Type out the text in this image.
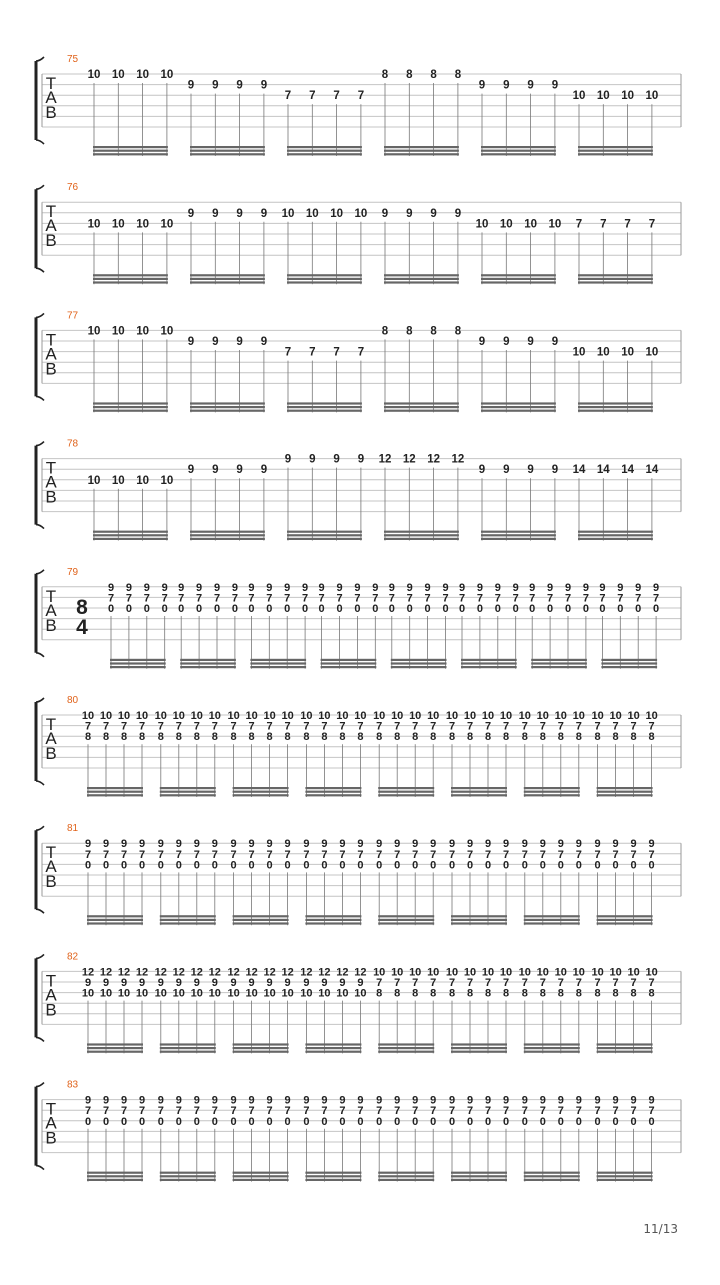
75
T
A
B
10 10 10 10
9 9 9 9
7 7 7 7
8 8 8 8
9 9 9 9
10 10 10 10
76
T
A
B
10 10 10 10
9 9 9 9 10 10 10 10 9 9 9 9
10 10 10 10 7 7 7 7
77
T
A
B
10 10 10 10
9 9 9 9
7 7 7 7
8 8 8 8
9 9 9 9
10 10 10 10
78
T
A
B
10 10 10 10
9 9 9 9
9 9 9 9 12 12 12 12
9 9 9 9 14 14 14 14
79
T
A
B
8
4
9
7
0
9
7
0
9
7
0
9
7
0
9
7
0
9
7
0
9
7
0
9
7
0
9
7
0
9
7
0
9
7
0
9
7
0
9
7
0
9
7
0
9
7
0
9
7
0
9
7
0
9
7
0
9
7
0
9
7
0
9
7
0
9
7
0
9
7
0
9
7
0
9
7
0
9
7
0
9
7
0
9
7
0
9
7
0
9
7
0
9
7
0
9
7
0
80
T
A
B
10
7
8
10
7
8
10
7
8
10
7
8
10
7
8
10
7
8
10
7
8
10
7
8
10
7
8
10
7
8
10
7
8
10
7
8
10
7
8
10
7
8
10
7
8
10
7
8
10
7
8
10
7
8
10
7
8
10
7
8
10
7
8
10
7
8
10
7
8
10
7
8
10
7
8
10
7
8
10
7
8
10
7
8
10
7
8
10
7
8
10
7
8
10
7
8
81
T
A
B
9
7
0
9
7
0
9
7
0
9
7
0
9
7
0
9
7
0
9
7
0
9
7
0
9
7
0
9
7
0
9
7
0
9
7
0
9
7
0
9
7
0
9
7
0
9
7
0
9
7
0
9
7
0
9
7
0
9
7
0
9
7
0
9
7
0
9
7
0
9
7
0
9
7
0
9
7
0
9
7
0
9
7
0
9
7
0
9
7
0
9
7
0
9
7
0
82
T
A
B
12
9
10
12
9
10
12
9
10
12
9
10
12
9
10
12
9
10
12
9
10
12
9
10
12
9
10
12
9
10
12
9
10
12
9
10
12
9
10
12
9
10
12
9
10
12
9
10
10
7
8
10
7
8
10
7
8
10
7
8
10
7
8
10
7
8
10
7
8
10
7
8
10
7
8
10
7
8
10
7
8
10
7
8
10
7
8
10
7
8
10
7
8
10
7
8
83
T
A
B
9
7
0
9
7
0
9
7
0
9
7
0
9
7
0
9
7
0
9
7
0
9
7
0
9
7
0
9
7
0
9
7
0
9
7
0
9
7
0
9
7
0
9
7
0
9
7
0
9
7
0
9
7
0
9
7
0
9
7
0
9
7
0
9
7
0
9
7
0
9
7
0
9
7
0
9
7
0
9
7
0
9
7
0
9
7
0
9
7
0
9
7
0
9
7
0
11/13
